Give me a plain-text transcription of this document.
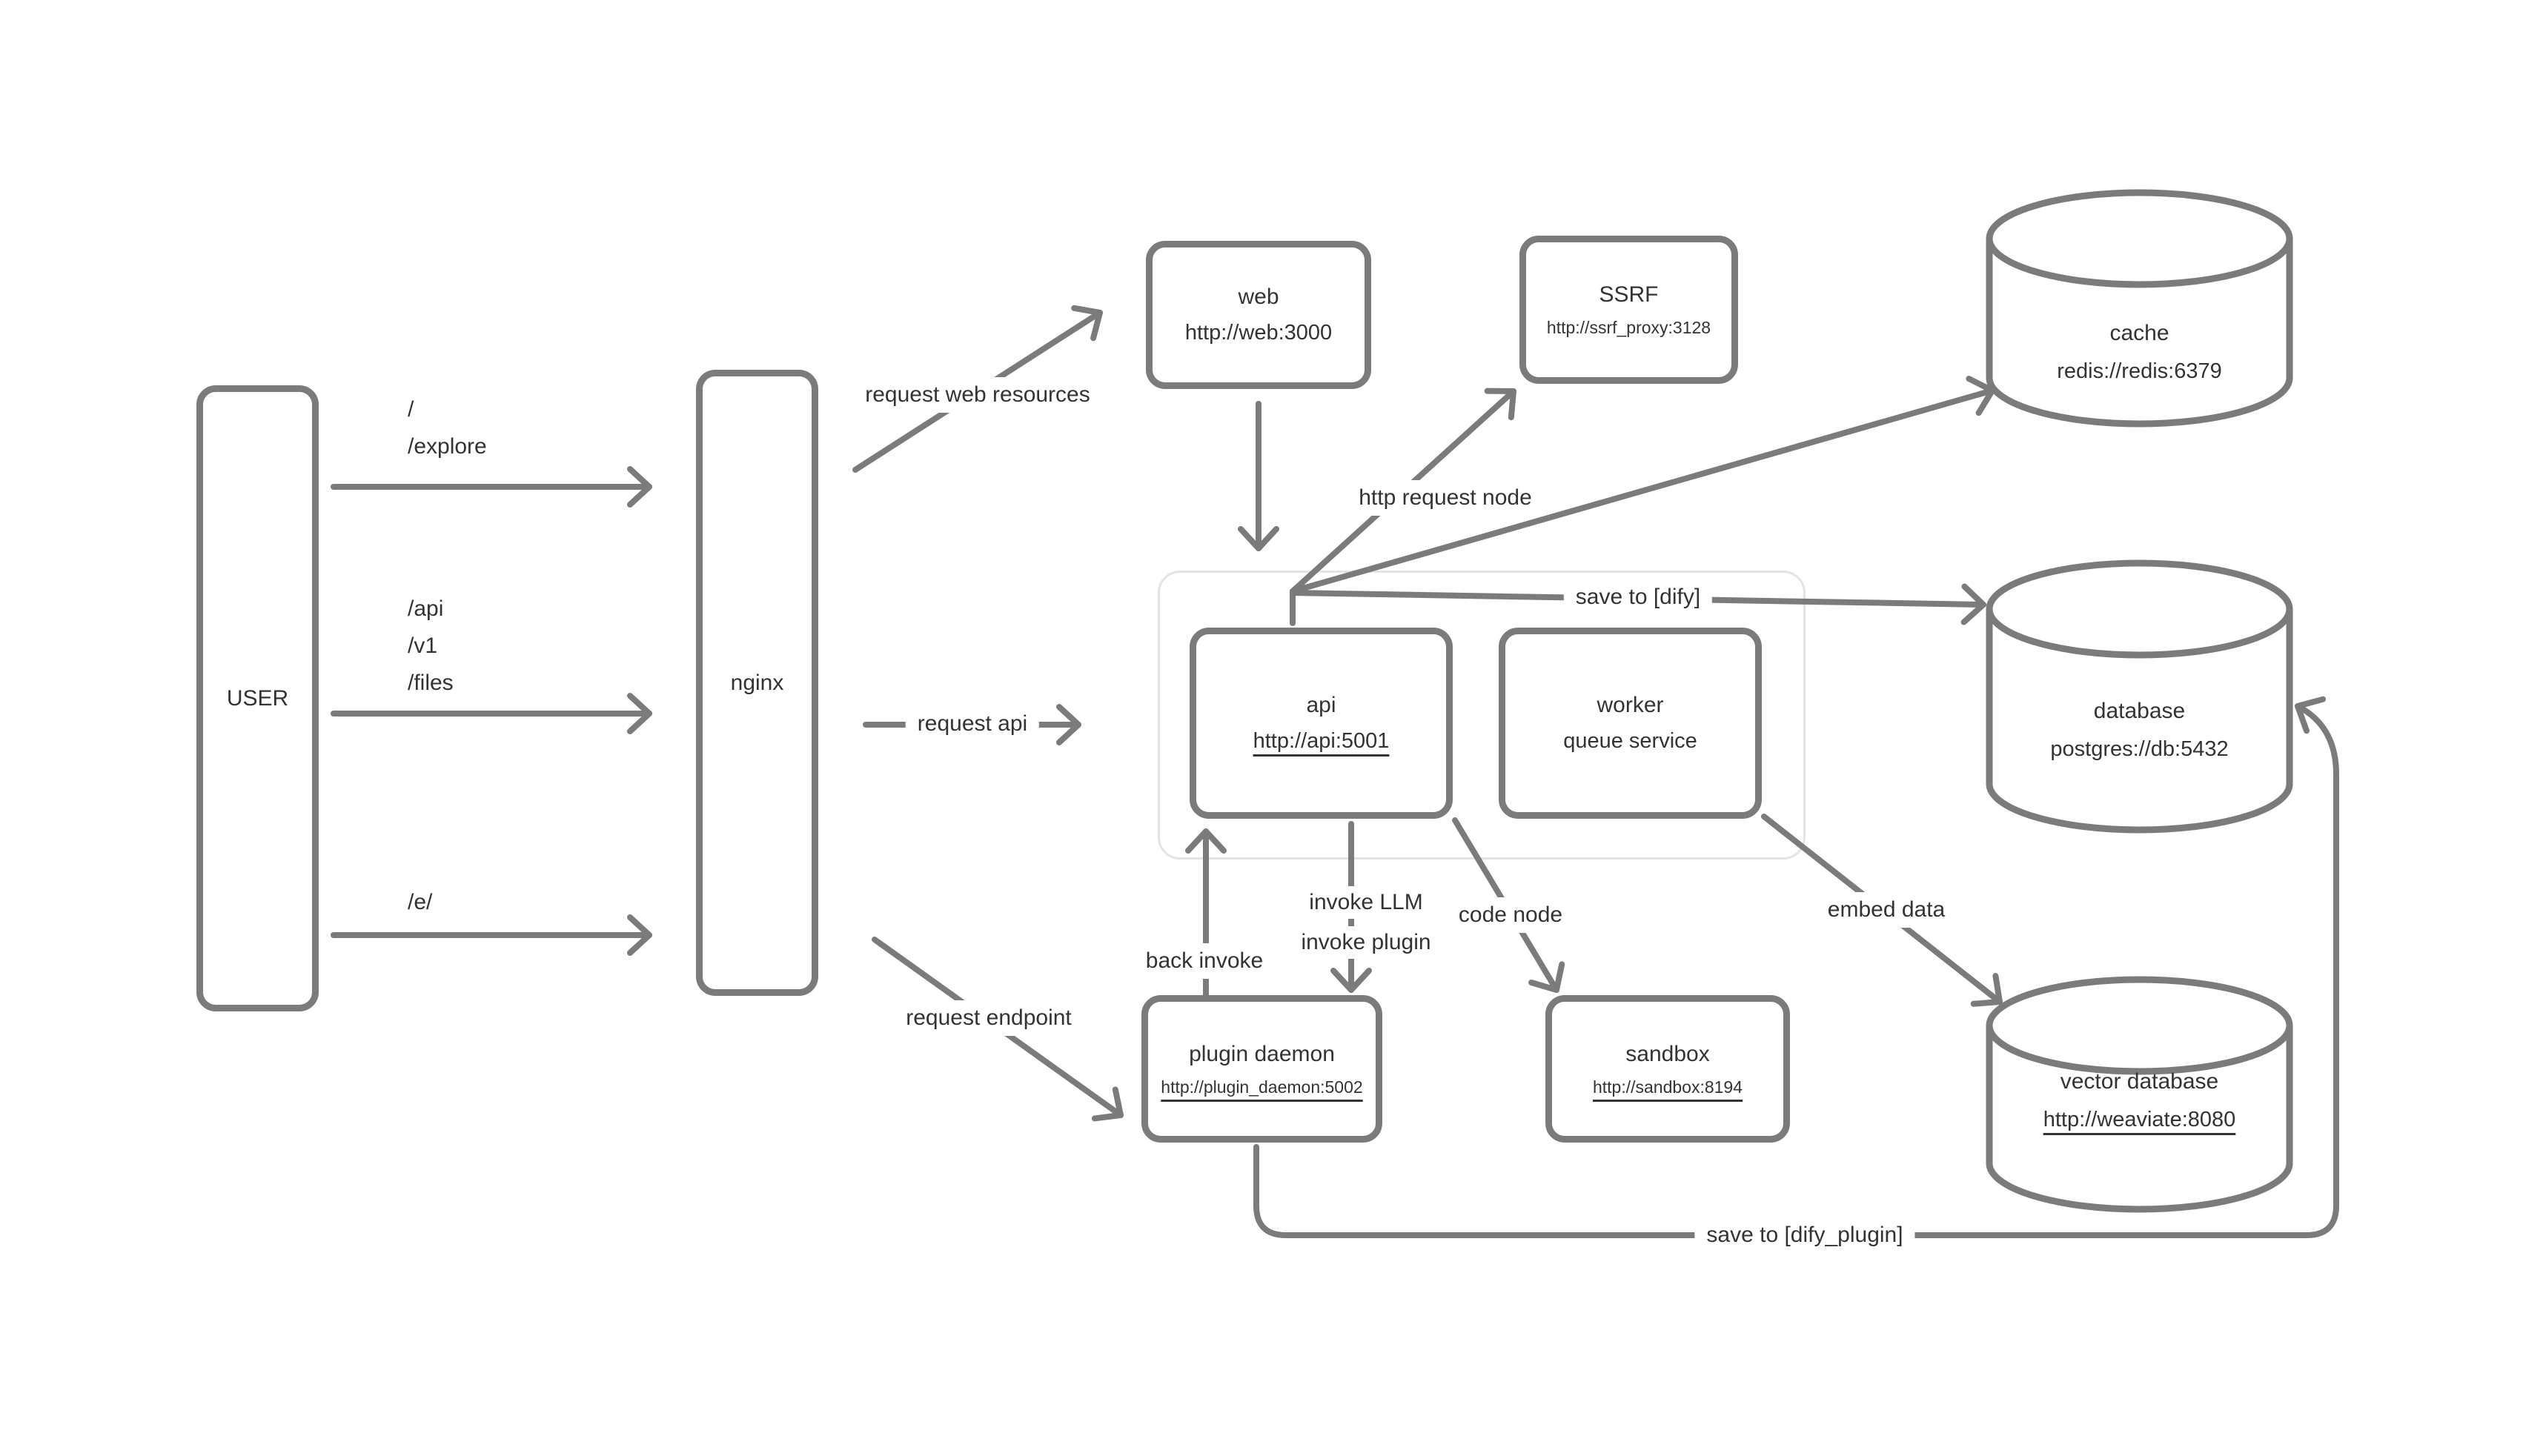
USER
nginx
web
http://web:3000
SSRF
http://ssrf_proxy:3128
api
http://api:5001
worker
queue service
plugin daemon
http://plugin_daemon:5002
sandbox
http://sandbox:8194
cache
redis://redis:6379
database
postgres://db:5432
vector database
http://weaviate:8080
/
/explore
/api
/v1
/files
/e/
request web resources
request api
request endpoint
http request node
save to [dify]
invoke LLM
invoke plugin
back invoke
code node	embed data
save to [dify_plugin]
